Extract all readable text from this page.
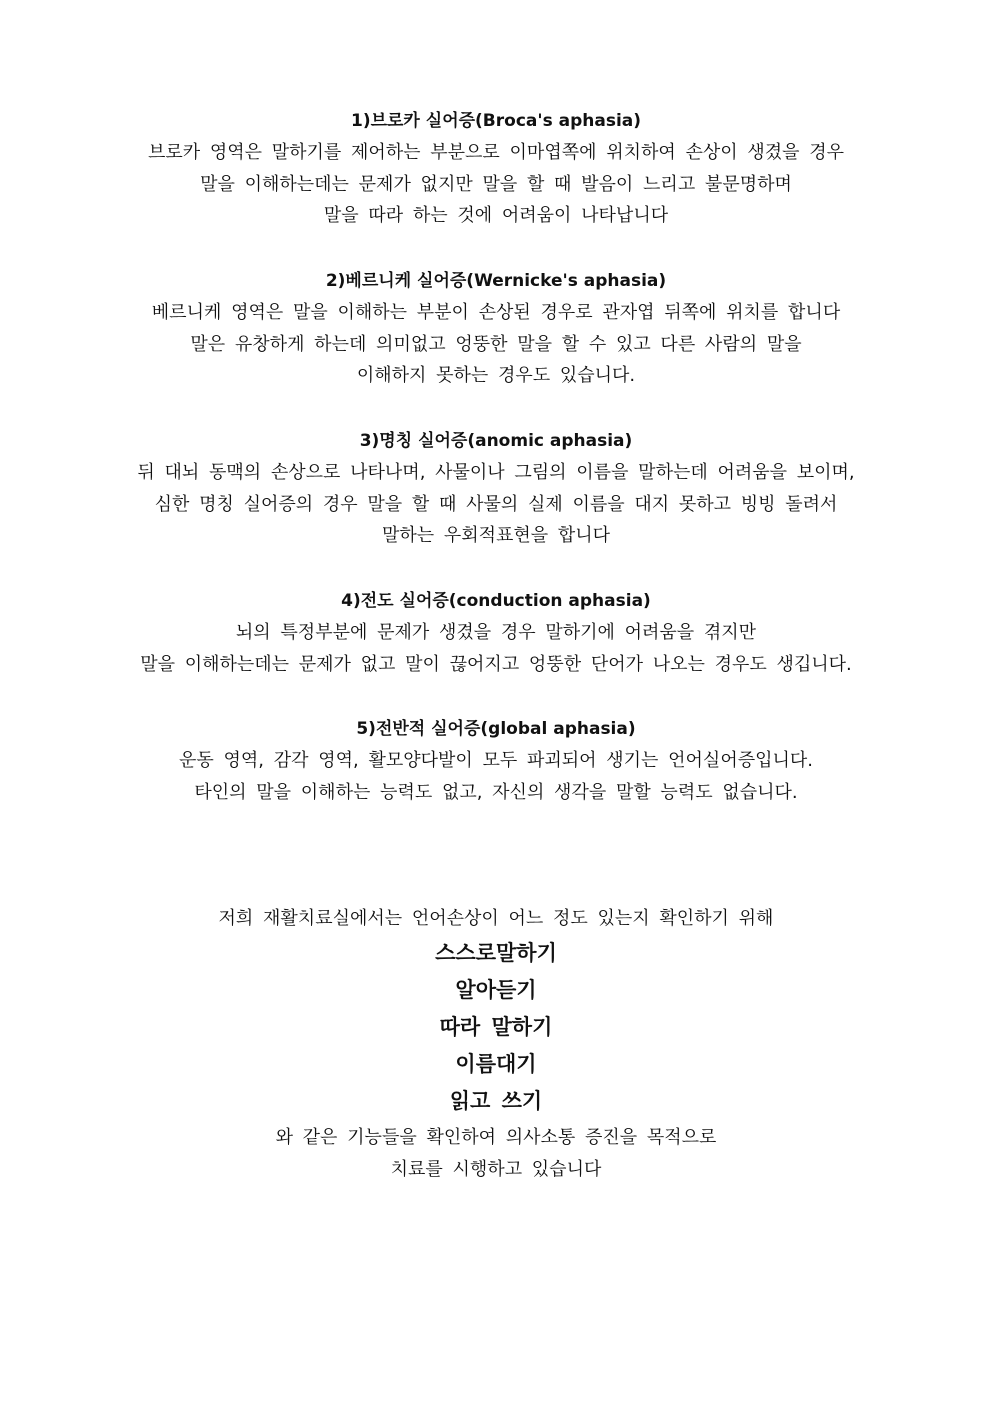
1)브로카 실어증(Broca's aphasia)
브로카 영역은 말하기를 제어하는 부분으로 이마엽쪽에 위치하여 손상이 생겼을 경우
말을 이해하는데는 문제가 없지만 말을 할 때 발음이 느리고 불문명하며
말을 따라 하는 것에 어려움이 나타납니다
2)베르니케 실어증(Wernicke's aphasia)
베르니케 영역은 말을 이해하는 부분이 손상된 경우로 관자엽 뒤쪽에 위치를 합니다
말은 유창하게 하는데 의미없고 엉뚱한 말을 할 수 있고 다른 사람의 말을
이해하지 못하는 경우도 있습니다.
3)명칭 실어증(anomic aphasia)
뒤 대뇌 동맥의 손상으로 나타나며, 사물이나 그림의 이름을 말하는데 어려움을 보이며,
심한 명칭 실어증의 경우 말을 할 때 사물의 실제 이름을 대지 못하고 빙빙 돌려서
말하는 우회적표현을 합니다
4)전도 실어증(conduction aphasia)
뇌의 특정부분에 문제가 생겼을 경우 말하기에 어려움을 겪지만
말을 이해하는데는 문제가 없고 말이 끊어지고 엉뚱한 단어가 나오는 경우도 생깁니다.
5)전반적 실어증(global aphasia)
운동 영역, 감각 영역, 활모양다발이 모두 파괴되어 생기는 언어실어증입니다.
타인의 말을 이해하는 능력도 없고, 자신의 생각을 말할 능력도 없습니다.
저희 재활치료실에서는 언어손상이 어느 정도 있는지 확인하기 위해
스스로말하기
알아듣기
따라 말하기
이름대기
읽고 쓰기
와 같은 기능들을 확인하여 의사소통 증진을 목적으로
치료를 시행하고 있습니다
